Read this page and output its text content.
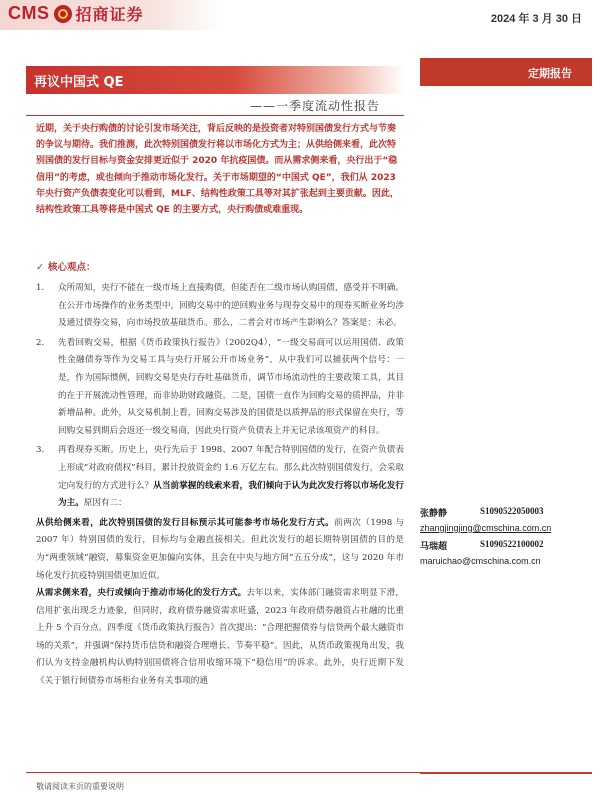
CMS 招商证券	2024 年 3 月 30 日
再议中国式 QE
——一季度流动性报告
定期报告
近期，关于央行购债的讨论引发市场关注，背后反映的是投资者对特别国债发行方式与节奏的争议与期待。我们推测，此次特别国债发行将以市场化方式为主；从供给侧来看，此次特别国债的发行目标与资金安排更近似于 2020 年抗疫国债。而从需求侧来看，央行出于“稳信用”的考虑，或也倾向于推动市场化发行。关于市场期望的“中国式 QE”，我们从 2023 年央行资产负债表变化可以看到，MLF、结构性政策工具等对其扩张起到主要贡献。因此，结构性政策工具等将是中国式 QE 的主要方式，央行购债或难重现。
✓ 核心观点：
1.	众所周知，央行不能在一级市场上直接购债，但能否在二级市场认购国债，感受并不明确。在公开市场操作的业务类型中，回购交易中的逆回购业务与现券交易中的现券买断业务均涉及通过债券交易，向市场投放基础货币。那么，二者会对市场产生影响么？答案是：未必。
2.	先看回购交易，根据《货币政策执行报告》（2002Q4），“一级交易商可以运用国债、政策性金融债券等作为交易工具与央行开展公开市场业务”，从中我们可以捕获两个信号：一是，作为国际惯例，回购交易是央行吞吐基础货币，调节市场流动性的主要政策工具，其目的在于开展流动性管理，而非协助财政融资。二是，国债一直作为回购交易的质押品，并非新增品种。此外，从交易机制上看，回购交易涉及的国债是以质押品的形式保留在央行，等回购交易到期后会返还一级交易商，因此央行资产负债表上并无记录该项资产的科目。
3.	再看现券买断。历史上，央行先后于 1998、2007 年配合特别国债的发行，在资产负债表上形成“对政府债权”科目，累计投放资金约 1.6 万亿左右。那么此次特别国债发行，会采取定向发行的方式进行么？从当前掌握的线索来看，我们倾向于认为此次发行将以市场化发行为主。原因有二：
从供给侧来看，此次特别国债的发行目标预示其可能参考市场化发行方式。前两次（1998 与 2007 年）特别国债的发行，目标均与金融直接相关。但此次发行的超长期特别国债的目的是为“两重领域”融资，募集资金更加偏向实体，且会在中央与地方间“五五分成”，这与 2020 年市场化发行抗疫特别国债更加近似。
从需求侧来看，央行或倾向于推动市场化的发行方式。去年以来，实体部门融资需求明显下滑，信用扩张出现乏力迹象，但同时，政府债券融资需求旺盛，2023 年政府债券融资占社融的比重上升 5 个百分点。四季度《货币政策执行报告》首次提出：“合理把握债券与信贷两个最大融资市场的关系”，并强调“保持货币信贷和融资合理增长、节奏平稳”。因此，从货币政策视角出发，我们认为支持金融机构认购特别国债将合信用收缩环境下“稳信用”的诉求。此外，央行近期下发《关于银行间债券市场柜台业务有关事项的通
张静静	S1090522050003
zhangjingjing@cmschina.com.cn
马瑞超	S1090522100002
maruichao@cmschina.com.cn
敬请阅读末页的重要说明
